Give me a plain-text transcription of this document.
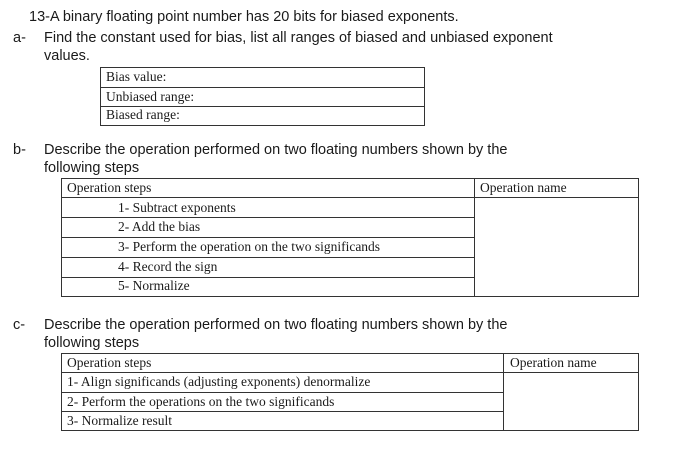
13-A binary floating point number has 20 bits for biased exponents.
a- Find the constant used for bias, list all ranges of biased and unbiased exponent
values.
Bias value:
Unbiased range:
Biased range:
b- Describe the operation performed on two floating numbers shown by the
following steps
Operation steps	Operation name
1- Subtract exponents
2- Add the bias
3- Perform the operation on the two significands
4- Record the sign
5- Normalize
c- Describe the operation performed on two floating numbers shown by the
following steps
Operation steps	Operation name
1- Align significands (adjusting exponents) denormalize
2- Perform the operations on the two significands
3- Normalize result
